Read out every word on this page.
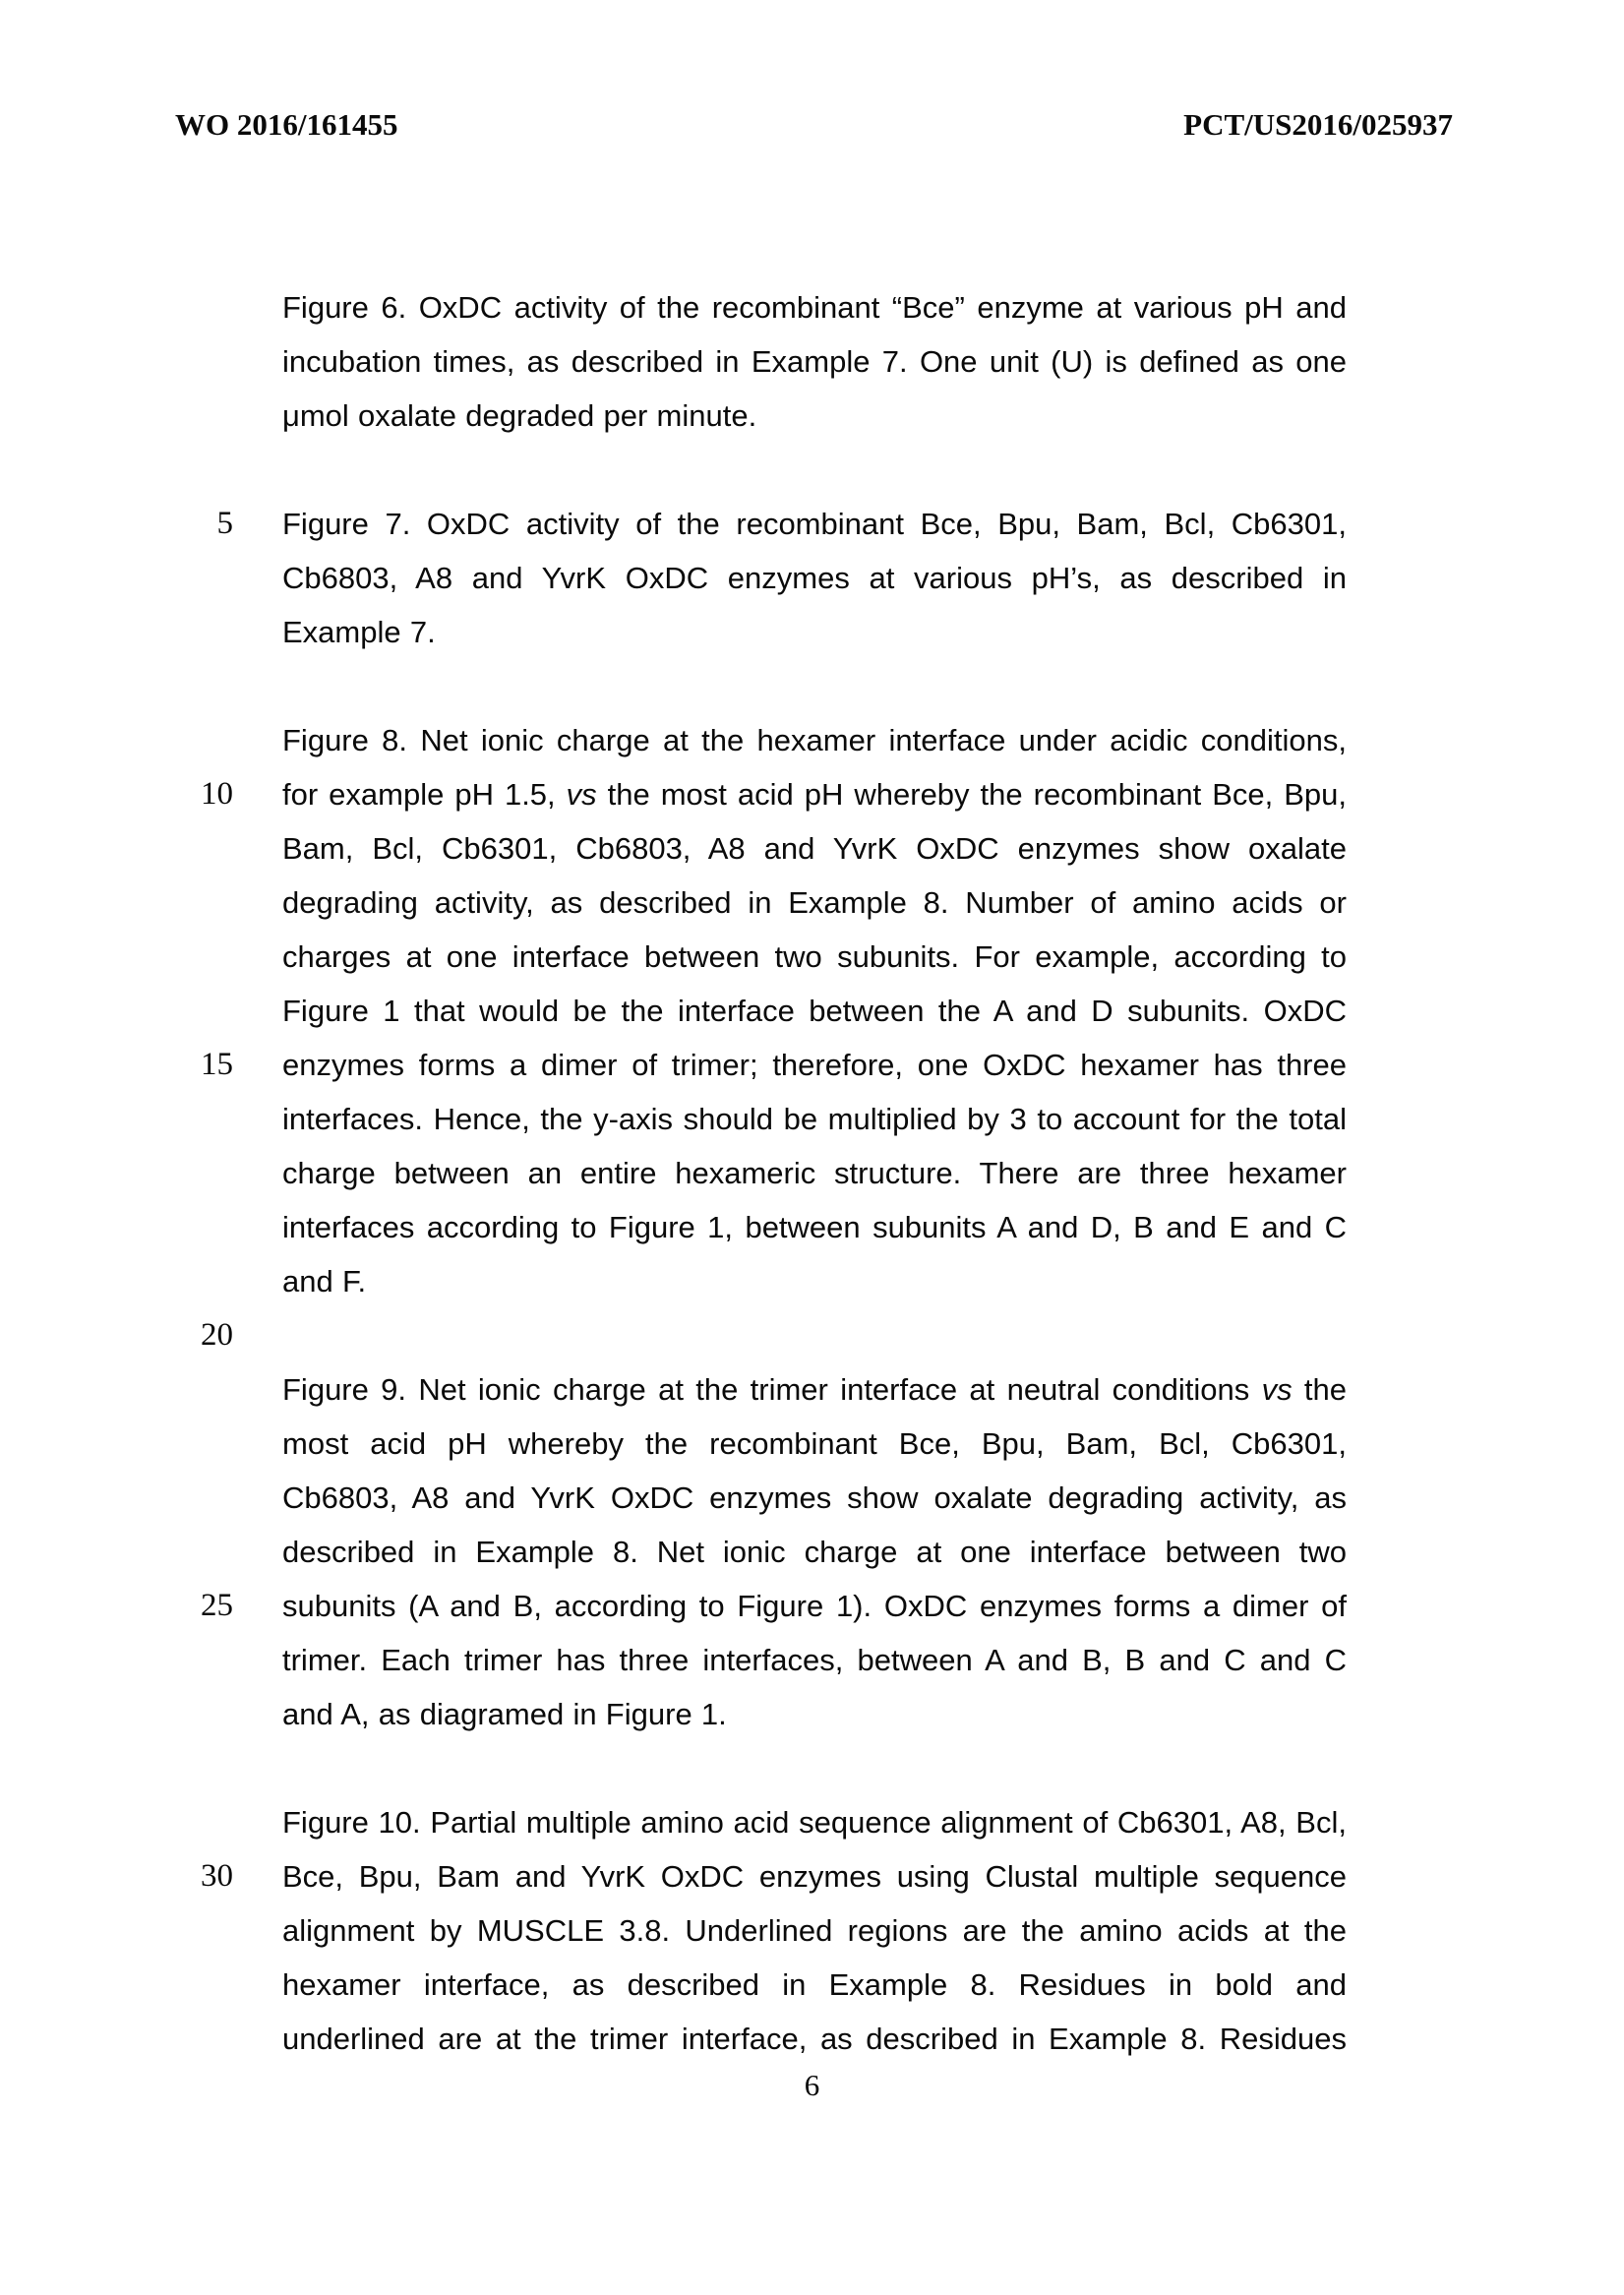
WO 2016/161455	PCT/US2016/025937
Figure 6. OxDC activity of the recombinant “Bce” enzyme at various pH and
incubation times, as described in Example 7. One unit (U) is defined as one
μmol oxalate degraded per minute.
5 Figure 7. OxDC activity of the recombinant Bce, Bpu, Bam, Bcl, Cb6301,
Cb6803, A8 and YvrK OxDC enzymes at various pH’s, as described in
Example 7.
Figure 8. Net ionic charge at the hexamer interface under acidic conditions,
10 for example pH 1.5, vs the most acid pH whereby the recombinant Bce, Bpu,
Bam, Bcl, Cb6301, Cb6803, A8 and YvrK OxDC enzymes show oxalate
degrading activity, as described in Example 8. Number of amino acids or
charges at one interface between two subunits. For example, according to
Figure 1 that would be the interface between the A and D subunits. OxDC
15 enzymes forms a dimer of trimer; therefore, one OxDC hexamer has three
interfaces. Hence, the y-axis should be multiplied by 3 to account for the total
charge between an entire hexameric structure. There are three hexamer
interfaces according to Figure 1, between subunits A and D, B and E and C
and F.
20
Figure 9. Net ionic charge at the trimer interface at neutral conditions vs the
most acid pH whereby the recombinant Bce, Bpu, Bam, Bcl, Cb6301,
Cb6803, A8 and YvrK OxDC enzymes show oxalate degrading activity, as
described in Example 8. Net ionic charge at one interface between two
25 subunits (A and B, according to Figure 1). OxDC enzymes forms a dimer of
trimer. Each trimer has three interfaces, between A and B, B and C and C
and A, as diagramed in Figure 1.
Figure 10. Partial multiple amino acid sequence alignment of Cb6301, A8, Bcl,
30 Bce, Bpu, Bam and YvrK OxDC enzymes using Clustal multiple sequence
alignment by MUSCLE 3.8. Underlined regions are the amino acids at the
hexamer interface, as described in Example 8. Residues in bold and
underlined are at the trimer interface, as described in Example 8. Residues
6
